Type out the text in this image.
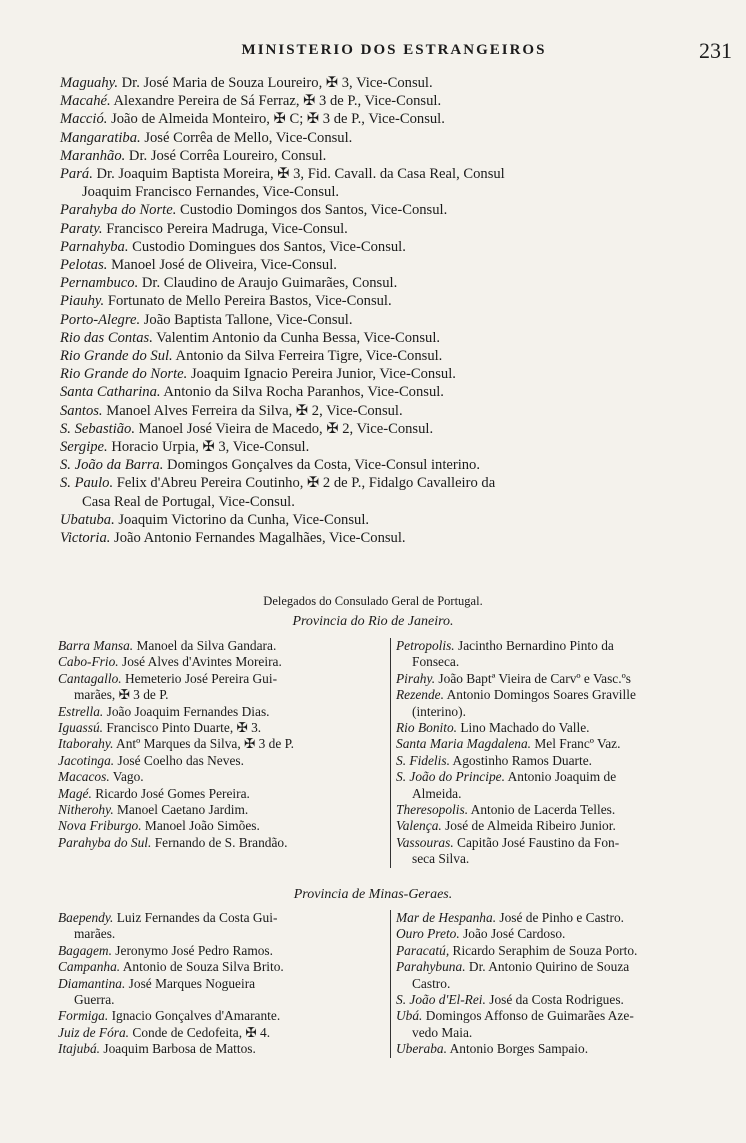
MINISTERIO DOS ESTRANGEIROS	231
Maguahy. Dr. José Maria de Souza Loureiro, ✠ 3, Vice-Consul.
Macahé. Alexandre Pereira de Sá Ferraz, ✠ 3 de P., Vice-Consul.
Macció. João de Almeida Monteiro, ✠ C; ✠ 3 de P., Vice-Consul.
Mangaratiba. José Corrêa de Mello, Vice-Consul.
Maranhão. Dr. José Corrêa Loureiro, Consul.
Pará. Dr. Joaquim Baptista Moreira, ✠ 3, Fid. Cavall. da Casa Real, Consul
Joaquim Francisco Fernandes, Vice-Consul.
Parahyba do Norte. Custodio Domingos dos Santos, Vice-Consul.
Paraty. Francisco Pereira Madruga, Vice-Consul.
Parnahyba. Custodio Domingues dos Santos, Vice-Consul.
Pelotas. Manoel José de Oliveira, Vice-Consul.
Pernambuco. Dr. Claudino de Araujo Guimarães, Consul.
Piauhy. Fortunato de Mello Pereira Bastos, Vice-Consul.
Porto-Alegre. João Baptista Tallone, Vice-Consul.
Rio das Contas. Valentim Antonio da Cunha Bessa, Vice-Consul.
Rio Grande do Sul. Antonio da Silva Ferreira Tigre, Vice-Consul.
Rio Grande do Norte. Joaquim Ignacio Pereira Junior, Vice-Consul.
Santa Catharina. Antonio da Silva Rocha Paranhos, Vice-Consul.
Santos. Manoel Alves Ferreira da Silva, ✠ 2, Vice-Consul.
S. Sebastião. Manoel José Vieira de Macedo, ✠ 2, Vice-Consul.
Sergipe. Horacio Urpia, ✠ 3, Vice-Consul.
S. João da Barra. Domingos Gonçalves da Costa, Vice-Consul interino.
S. Paulo. Felix d'Abreu Pereira Coutinho, ✠ 2 de P., Fidalgo Cavalleiro da
Casa Real de Portugal, Vice-Consul.
Ubatuba. Joaquim Victorino da Cunha, Vice-Consul.
Victoria. João Antonio Fernandes Magalhães, Vice-Consul.
Delegados do Consulado Geral de Portugal.
Provincia do Rio de Janeiro.
Barra Mansa. Manoel da Silva Gandara.
Cabo-Frio. José Alves d'Avintes Moreira.
Cantagallo. Hemeterio José Pereira Gui-
marães, ✠ 3 de P.
Estrella. João Joaquim Fernandes Dias.
Iguassú. Francisco Pinto Duarte, ✠ 3.
Itaborahy. Antº Marques da Silva, ✠ 3 de P.
Jacotinga. José Coelho das Neves.
Macacos. Vago.
Magé. Ricardo José Gomes Pereira.
Nitherohy. Manoel Caetano Jardim.
Nova Friburgo. Manoel João Simões.
Parahyba do Sul. Fernando de S. Brandão.
Petropolis. Jacintho Bernardino Pinto da
Fonseca.
Pirahy. João Baptª Vieira de Carvº e Vasc.ºs
Rezende. Antonio Domingos Soares Graville
(interino).
Rio Bonito. Lino Machado do Valle.
Santa Maria Magdalena. Mel Francº Vaz.
S. Fidelis. Agostinho Ramos Duarte.
S. João do Principe. Antonio Joaquim de
Almeida.
Theresopolis. Antonio de Lacerda Telles.
Valença. José de Almeida Ribeiro Junior.
Vassouras. Capitão José Faustino da Fon-
seca Silva.
Provincia de Minas-Geraes.
Baependy. Luiz Fernandes da Costa Gui-
marães.
Bagagem. Jeronymo José Pedro Ramos.
Campanha. Antonio de Souza Silva Brito.
Diamantina. José Marques Nogueira
Guerra.
Formiga. Ignacio Gonçalves d'Amarante.
Juiz de Fóra. Conde de Cedofeita, ✠ 4.
Itajubá. Joaquim Barbosa de Mattos.
Mar de Hespanha. José de Pinho e Castro.
Ouro Preto. João José Cardoso.
Paracatú, Ricardo Seraphim de Souza Porto.
Parahybuna. Dr. Antonio Quirino de Souza
Castro.
S. João d'El-Rei. José da Costa Rodrigues.
Ubá. Domingos Affonso de Guimarães Aze-
vedo Maia.
Uberaba. Antonio Borges Sampaio.
